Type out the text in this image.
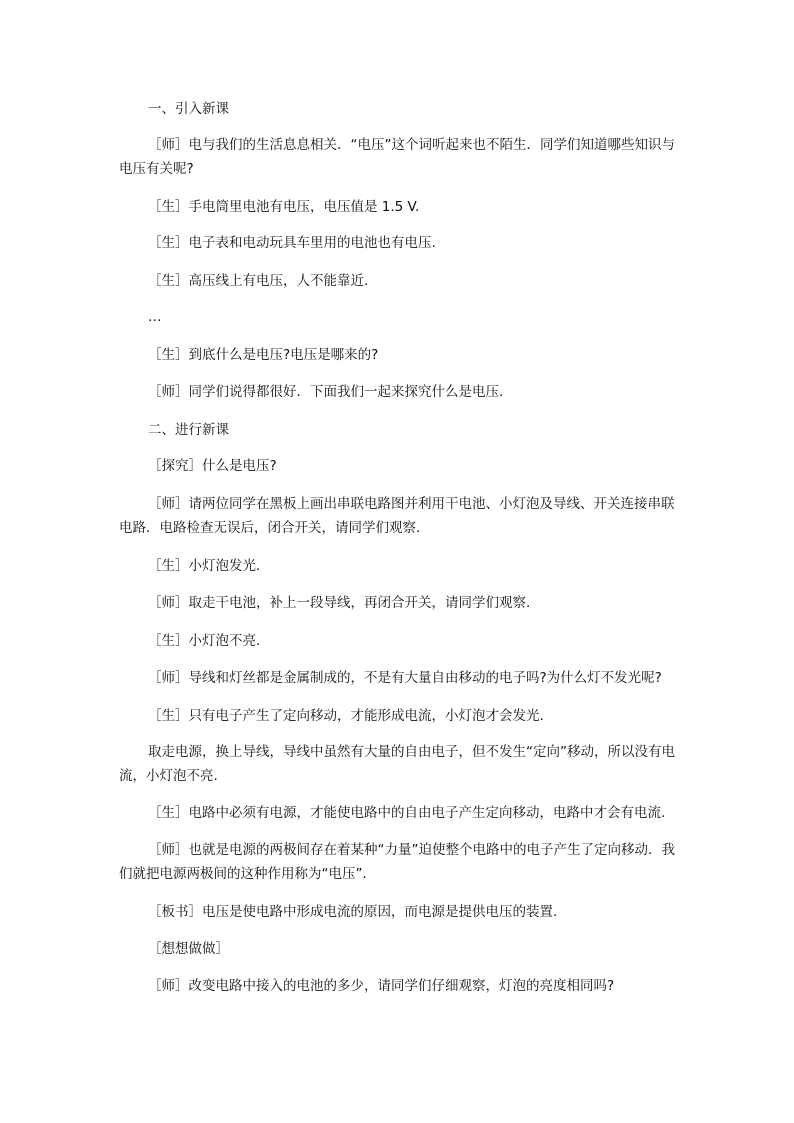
一、引入新课
［师］电与我们的生活息息相关．“电压”这个词听起来也不陌生．同学们知道哪些知识与电压有关呢?
［生］手电筒里电池有电压，电压值是 1.5 V.
［生］电子表和电动玩具车里用的电池也有电压.
［生］高压线上有电压，人不能靠近.
…
［生］到底什么是电压?电压是哪来的?
［师］同学们说得都很好．下面我们一起来探究什么是电压.
二、进行新课
［探究］什么是电压?
［师］请两位同学在黑板上画出串联电路图并利用干电池、小灯泡及导线、开关连接串联电路．电路检查无误后，闭合开关，请同学们观察.
［生］小灯泡发光.
［师］取走干电池，补上一段导线，再闭合开关，请同学们观察.
［生］小灯泡不亮.
［师］导线和灯丝都是金属制成的，不是有大量自由移动的电子吗?为什么灯不发光呢?
［生］只有电子产生了定向移动，才能形成电流，小灯泡才会发光.
取走电源，换上导线，导线中虽然有大量的自由电子，但不发生“定向”移动，所以没有电流，小灯泡不亮.
［生］电路中必须有电源，才能使电路中的自由电子产生定向移动，电路中才会有电流.
［师］也就是电源的两极间存在着某种“力量”迫使整个电路中的电子产生了定向移动．我们就把电源两极间的这种作用称为“电压”．
［板书］电压是使电路中形成电流的原因，而电源是提供电压的装置.
［想想做做］
［师］改变电路中接入的电池的多少，请同学们仔细观察，灯泡的亮度相同吗?
